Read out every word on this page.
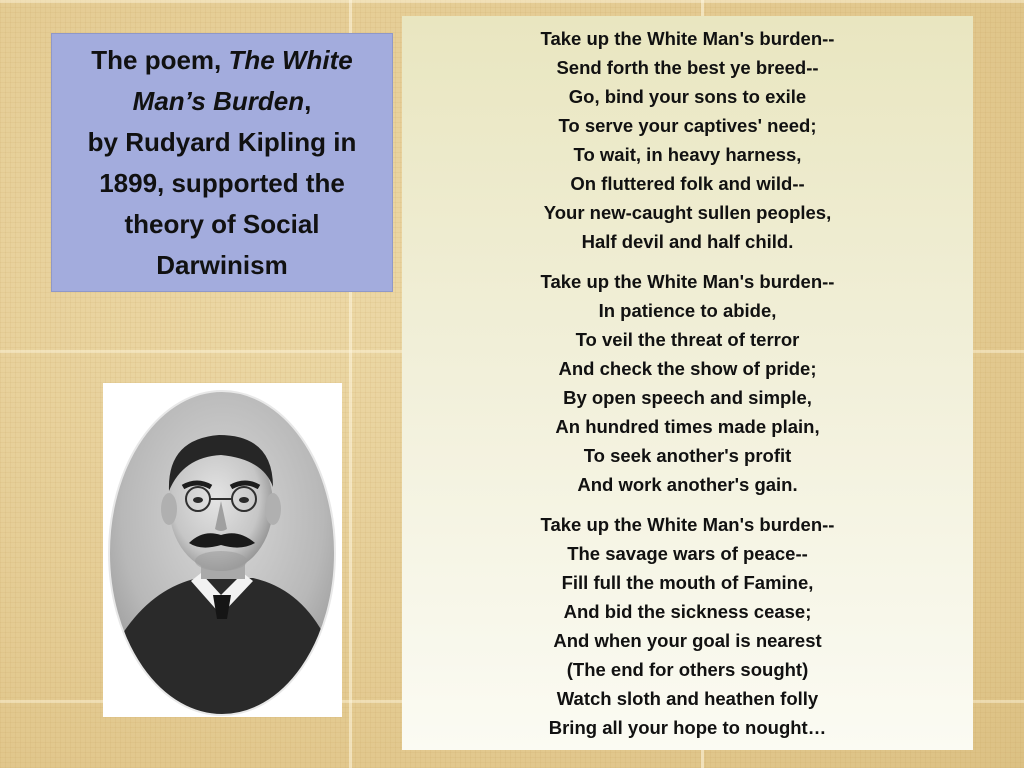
The poem, The White Man’s Burden,
by Rudyard Kipling in 1899, supported the theory of Social Darwinism
Take up the White Man's burden--
Send forth the best ye breed--
Go, bind your sons to exile
To serve your captives' need;
To wait, in heavy harness,
On fluttered folk and wild--
Your new-caught sullen peoples,
Half devil and half child.
Take up the White Man's burden--
In patience to abide,
To veil the threat of terror
And check the show of pride;
By open speech and simple,
An hundred times made plain,
To seek another's profit
And work another's gain.
Take up the White Man's burden--
The savage wars of peace--
Fill full the mouth of Famine,
And bid the sickness cease;
And when your goal is nearest
(The end for others sought)
Watch sloth and heathen folly
Bring all your hope to nought…
